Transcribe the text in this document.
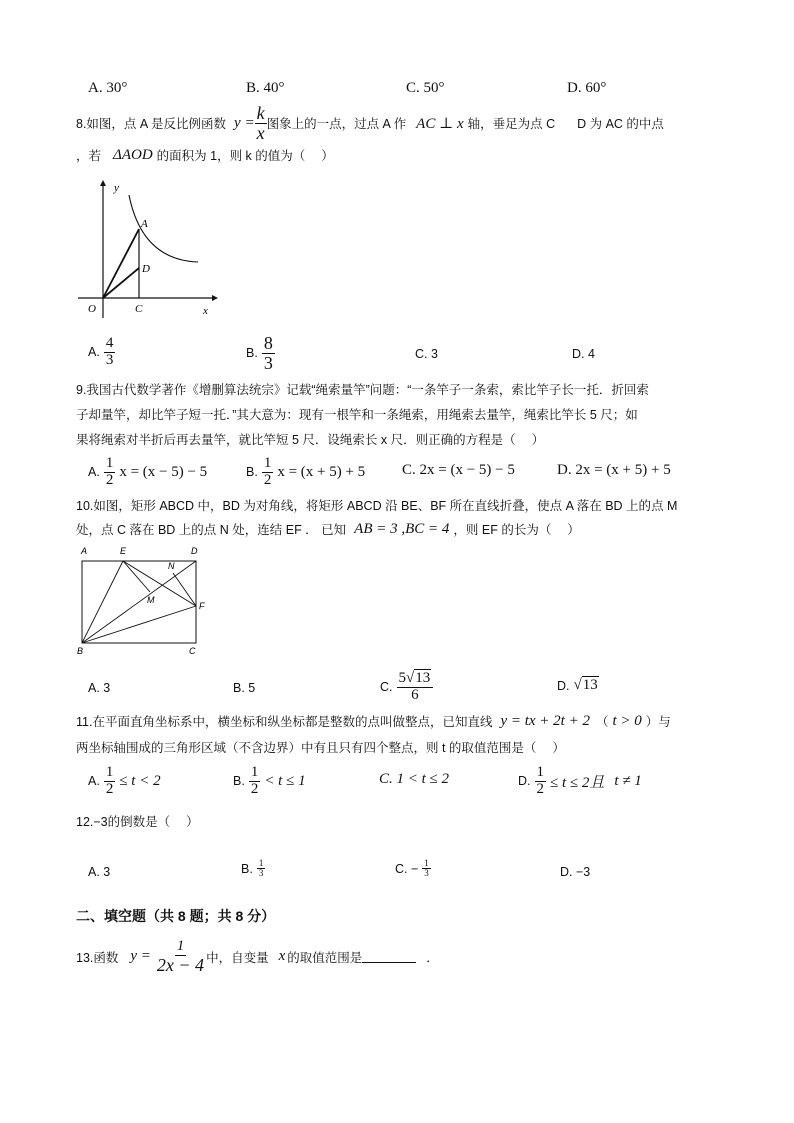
A. 30°	B. 40°	C. 50°	D. 60°
8.如图，点 A 是反比例函数 $y = \frac{k}{x}$ 图象上的一点，过点 A 作 AC ⊥ x 轴，垂足为点 C D 为 AC 的中点
，若 ΔAOD 的面积为 1，则 k 的值为（　 ）
y
A
D
O	C	x
A. $\frac{4}{3}$	B. $\frac{8}{3}$	C. 3	D. 4
9.我国古代数学著作《增删算法统宗》记载“绳索量竿”问题：“一条竿子一条索，索比竿子长一托．折回索
子却量竿，却比竿子短一托．”其大意为：现有一根竿和一条绳索，用绳索去量竿，绳索比竿长 5 尺；如
果将绳索对半折后再去量竿，就比竿短 5 尺．设绳索长 x 尺．则正确的方程是（　 ）
A. $\frac{1}{2}$ x = (x − 5) − 5	B. $\frac{1}{2}$ x = (x + 5) + 5 C. 2x = (x − 5) − 5	D. 2x = (x + 5) + 5
10.如图，矩形 ABCD 中，BD 为对角线，将矩形 ABCD 沿 BE、BF 所在直线折叠，使点 A 落在 BD 上的点 M
处，点 C 落在 BD 上的点 N 处，连结 EF ． 已知 AB = 3 ,BC = 4 ，则 EF 的长为（　 ）
A	E	D
N
M
F
B	C
A. 3	B. 5	C. $\frac{5√13}{6}$	D. √13
11.在平面直角坐标系中，横坐标和纵坐标都是整数的点叫做整点，已知直线 y = tx + 2t + 2 （ t > 0 ）与
两坐标轴围成的三角形区域（不含边界）中有且只有四个整点，则 t 的取值范围是（　 ）
A. $\frac{1}{2} \le t < 2$	B. $\frac{1}{2} < t \le 1$	C. 1 < t ≤ 2	D. $\frac{1}{2} \le t \le 2$且 t ≠ 1
12.−3的倒数是（　 ）
A. 3	B. $\frac{1}{3}$	C. − $\frac{1}{3}$	D. −3
二、填空题（共 8 题；共 8 分）
13.函数 $y = \frac{1}{2x - 4}$ 中，自变量 x 的取值范围是	．
